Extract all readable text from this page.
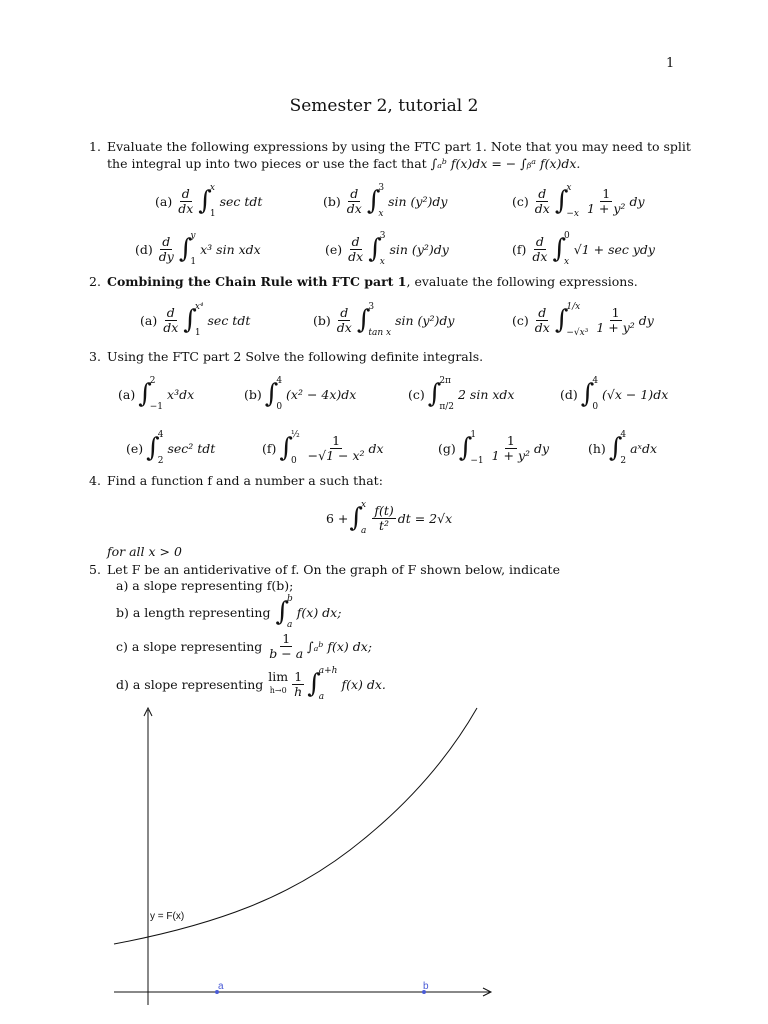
1
Semester 2, tutorial 2
1. Evaluate the following expressions by using the FTC part 1. Note that you may need to split
the integral up into two pieces or use the fact that ∫ₐᵇ f(x)dx = − ∫ᵦᵃ f(x)dx.
$(a) \frac{d}{dx}$ ∫
x
1
sec tdt	$(b) \frac{d}{dx}$ ∫
3
x
sin (y²)dy	$(c) \frac{d}{dx}$ ∫
x
$-x \frac{1}{\text{1 + y²}}$ dy
$(d) \frac{d}{dy}$ ∫
y
1
x³ sin xdx	$(e) \frac{d}{dx}$ ∫
3
x
sin (y²)dy	$(f) \frac{d}{dx}$ ∫
0
x
√1 + sec ydy
2. Combining the Chain Rule with FTC part 1, evaluate the following expressions.
$(a) \frac{d}{dx}$ ∫
x⁴
1
sec tdt	$(b) \frac{d}{dx}$ ∫
3
tan x
sin (y²)dy	$(c) \frac{d}{dx}$ ∫
1/x
$-√x^3 \frac{1}{\text{1 + y²}}$ dy
3. Using the FTC part 2 Solve the following definite integrals.
(a) ∫
2
−1
x³dx	(b) ∫
4
0
(x² − 4x)dx	(c) ∫
2π
π/2
2 sin xdx	(d) ∫
4
0
(√x − 1)dx
(e) ∫
4
2
sec² tdt	(f) ∫
½
$0 \frac{1}{\text{−√1 − x²}}$ dx	(g) ∫
1
$-1 \frac{1}{\text{1 + y²}}$ dy	(h) ∫
4
2
aˣdx
4. Find a function f and a number a such that:
6 + ∫
x
a $\frac{f(t)}{\text{t²}}$ dt = 2√x
for all x > 0
5. Let F be an antiderivative of f. On the graph of F shown below, indicate
a) a slope representing f(b);
b) a length representing ∫
b
a
f(x) dx;
c) a slope representing $\frac{1}{b - a}$ ∫ₐᵇ f(x) dx;
d) a slope representing lim
$h\to 0 \frac{1}{h}$ ∫
a+h
a
f(x) dx.
y = F(x)
a	b
